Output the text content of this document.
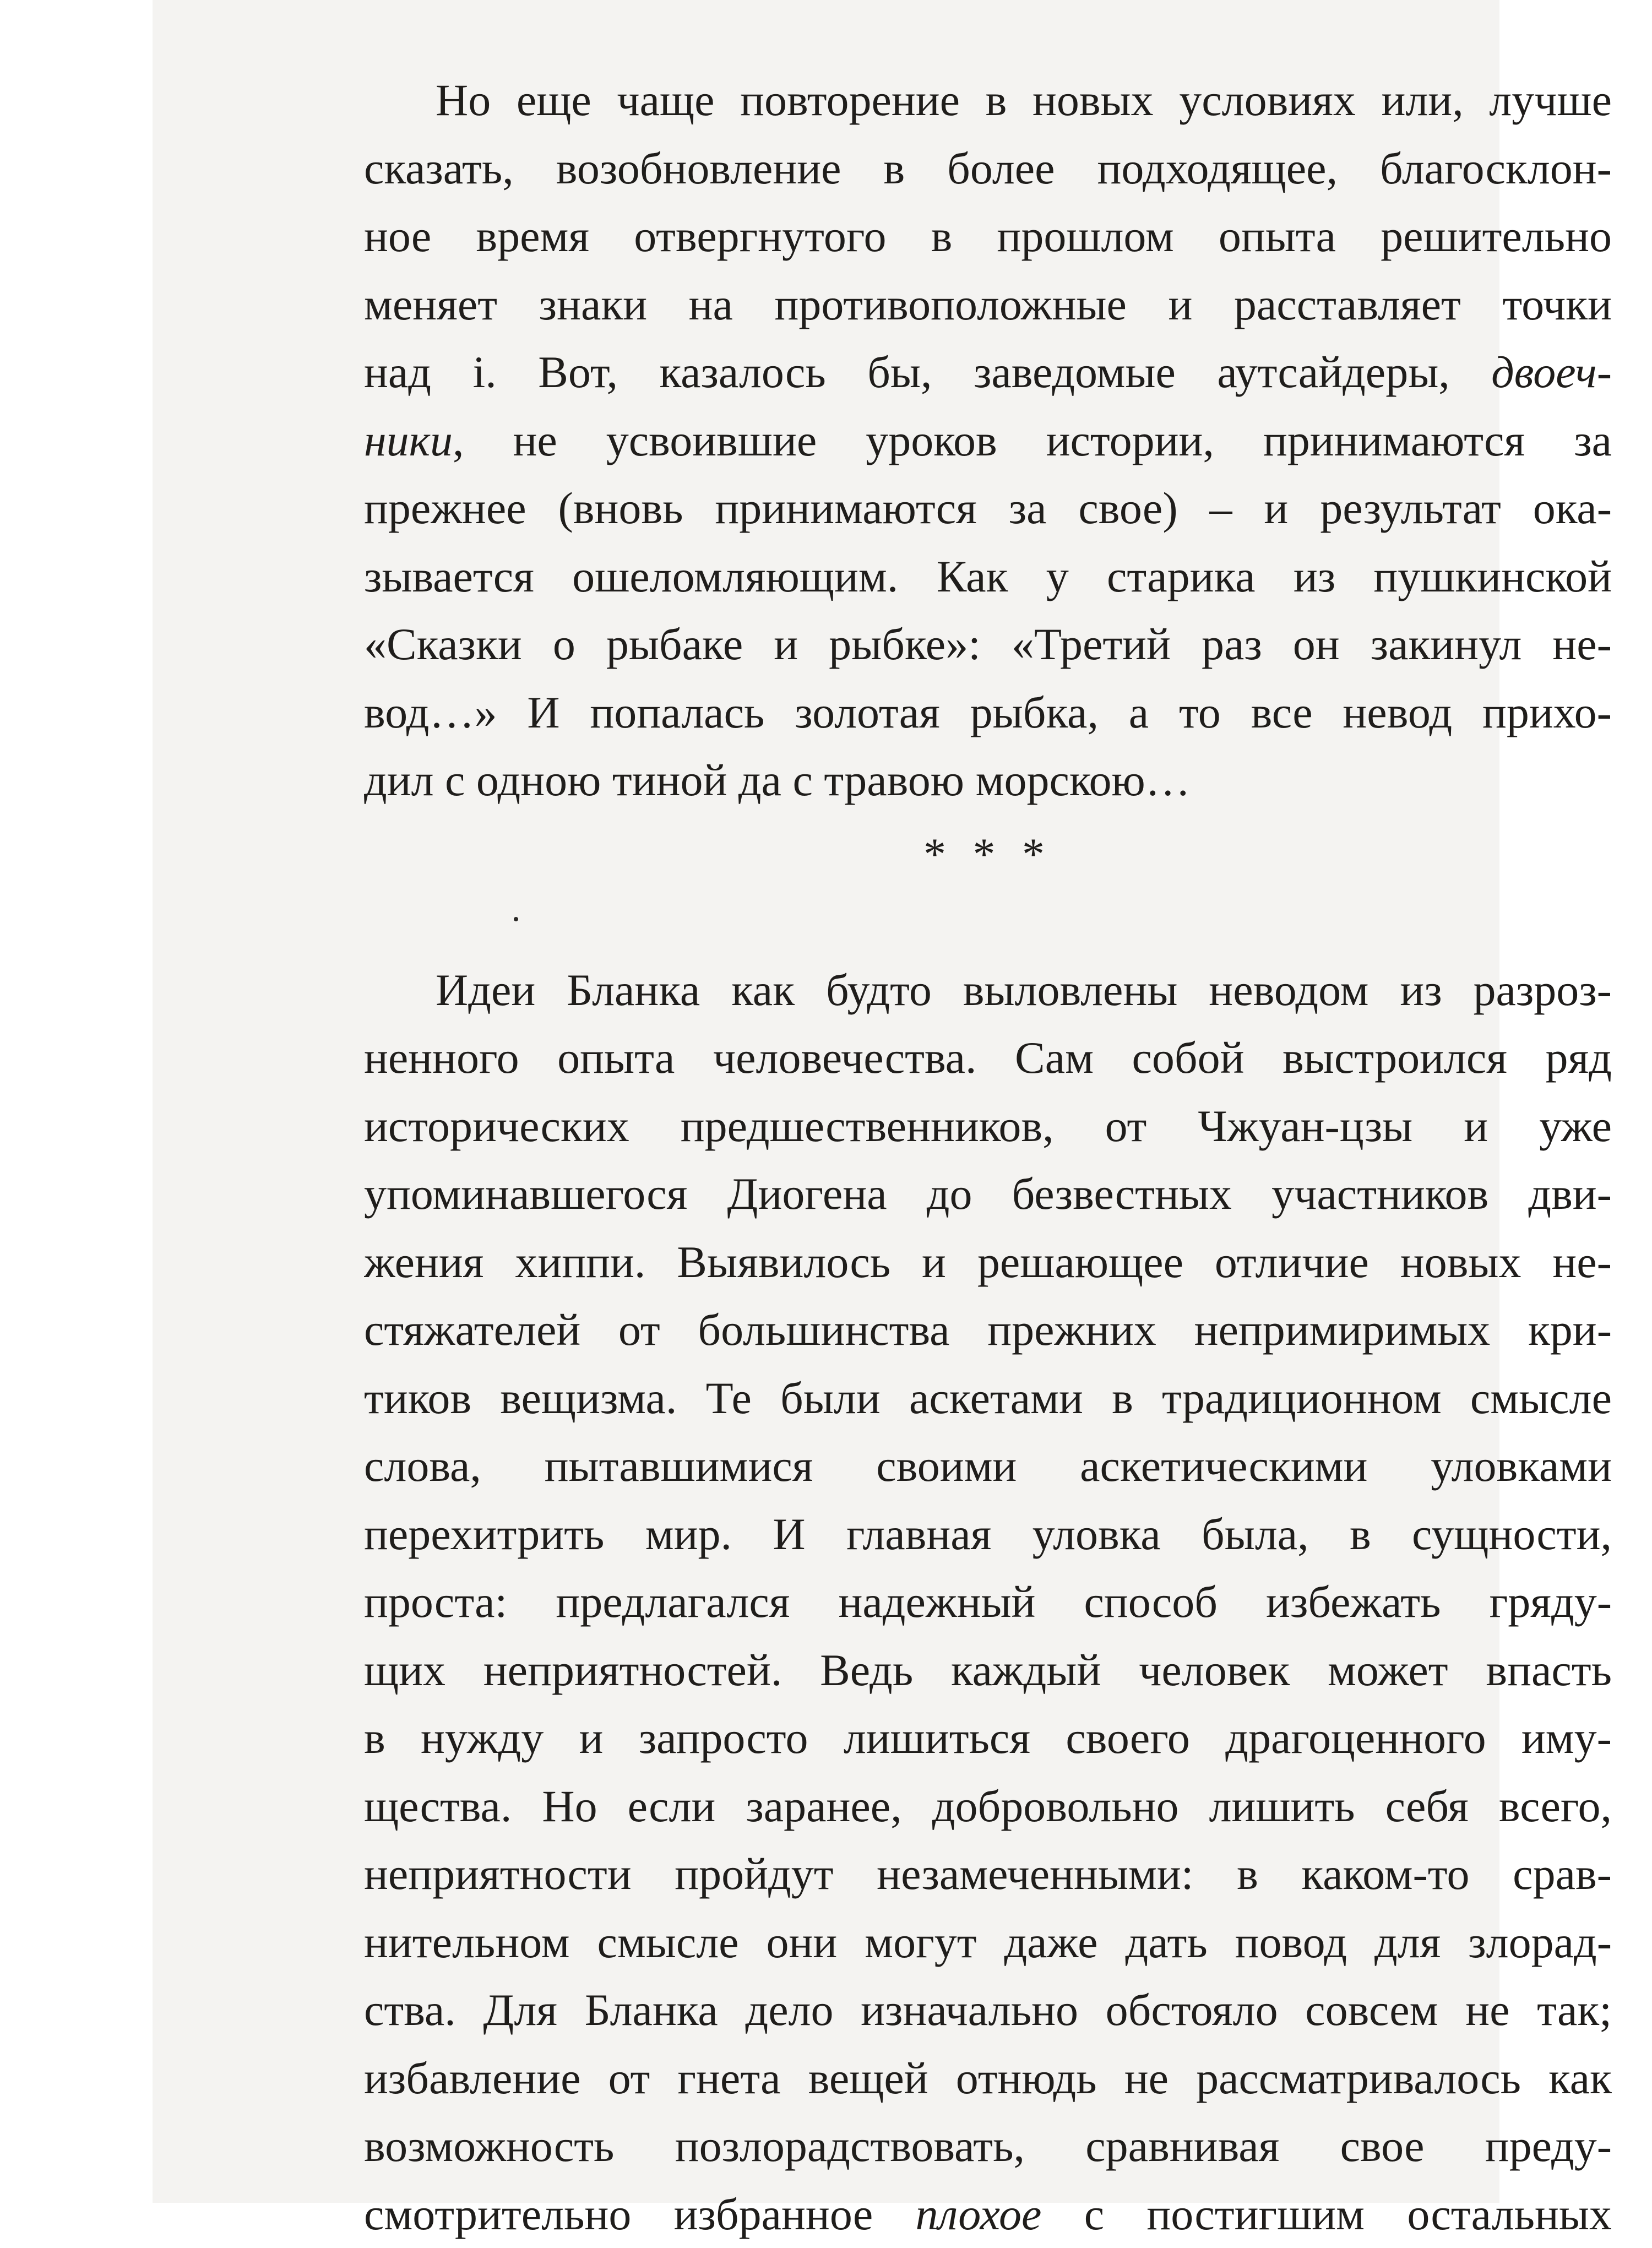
Но еще чаще повторение в новых условиях или, лучше
сказать, возобновление в более подходящее, благосклон-
ное время отвергнутого в прошлом опыта решительно
меняет знаки на противоположные и расставляет точки
над i. Вот, казалось бы, заведомые аутсайдеры, двоеч-
ники, не усвоившие уроков истории, принимаются за
прежнее (вновь принимаются за свое) – и результат ока-
зывается ошеломляющим. Как у старика из пушкинской
«Сказки о рыбаке и рыбке»: «Третий раз он закинул не-
вод…» И попалась золотая рыбка, а то все невод прихо-
дил с одною тиной да с травою морскою…
* * *
Идеи Бланка как будто выловлены неводом из разроз-
ненного опыта человечества. Сам собой выстроился ряд
исторических предшественников, от Чжуан-цзы и уже
упоминавшегося Диогена до безвестных участников дви-
жения хиппи. Выявилось и решающее отличие новых не-
стяжателей от большинства прежних непримиримых кри-
тиков вещизма. Те были аскетами в традиционном смысле
слова, пытавшимися своими аскетическими уловками
перехитрить мир. И главная уловка была, в сущности,
проста: предлагался надежный способ избежать гряду-
щих неприятностей. Ведь каждый человек может впасть
в нужду и запросто лишиться своего драгоценного иму-
щества. Но если заранее, добровольно лишить себя всего,
неприятности пройдут незамеченными: в каком-то срав-
нительном смысле они могут даже дать повод для злорад-
ства. Для Бланка дело изначально обстояло совсем не так;
избавление от гнета вещей отнюдь не рассматривалось как
возможность позлорадствовать, сравнивая свое преду-
смотрительно избранное плохое с постигшим остальных
